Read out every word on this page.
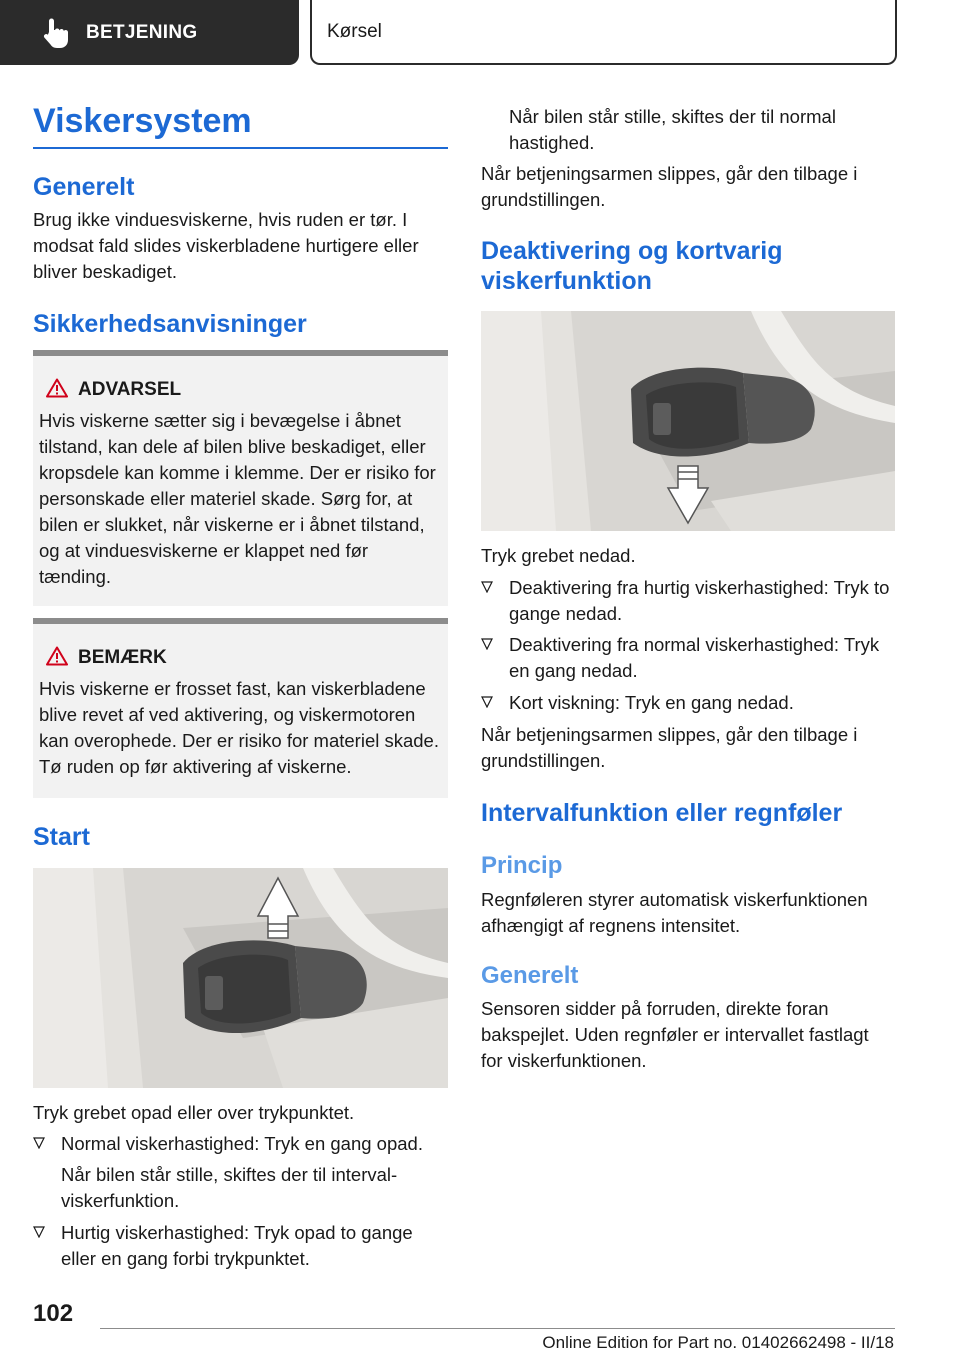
BETJENING	Kørsel
Viskersystem
Generelt

Brug ikke vinduesviskerne, hvis ruden er tør. I modsat fald slides viskerbladene hurtigere eller bliver beskadiget.

Sikkerhedsanvisninger
ADVARSEL

Hvis viskerne sætter sig i bevægelse i åbnet tilstand, kan dele af bilen blive beskadiget, eller kropsdele kan komme i klemme. Der er risiko for personskade eller materiel skade. Sørg for, at bilen er slukket, når viskerne er i åbnet tilstand, og at vinduesviskerne er klappet ned før tænding.

BEMÆRK

Hvis viskerne er frosset fast, kan viskerbladene blive revet af ved aktivering, og viskermotoren kan overophede. Der er risiko for materiel skade. Tø ruden op før aktivering af viskerne.

Start

Tryk grebet opad eller over trykpunktet.

Normal viskerhastighed: Tryk en gang opad.

Når bilen står stille, skiftes der til interval-viskerfunktion.

Hurtig viskerhastighed: Tryk opad to gange eller en gang forbi trykpunktet.

Når bilen står stille, skiftes der til normal hastighed.

Når betjeningsarmen slippes, går den tilbage i grundstillingen.

Deaktivering og kortvarig viskerfunktion

Tryk grebet nedad.

Deaktivering fra hurtig viskerhastighed: Tryk to gange nedad.

Deaktivering fra normal viskerhastighed: Tryk en gang nedad.

Kort viskning: Tryk en gang nedad.

Når betjeningsarmen slippes, går den tilbage i grundstillingen.

Intervalfunktion eller regnføler
Princip

Regnføleren styrer automatisk viskerfunktionen afhængigt af regnens intensitet.

Generelt

Sensoren sidder på forruden, direkte foran bakspejlet. Uden regnføler er intervallet fastlagt for viskerfunktionen.

102
Online Edition for Part no. 01402662498 - II/18
